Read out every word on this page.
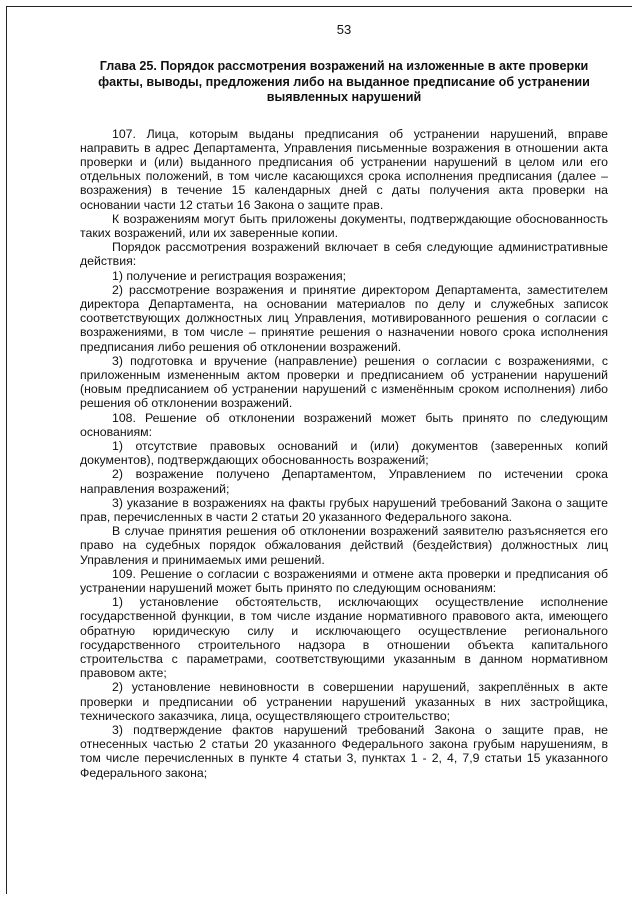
53
Глава 25. Порядок рассмотрения возражений на изложенные в акте проверки факты, выводы, предложения либо на выданное предписание об устранении выявленных нарушений

107. Лица, которым выданы предписания об устранении нарушений, вправе направить в адрес Департамента, Управления письменные возражения в отношении акта проверки и (или) выданного предписания об устранении нарушений в целом или его отдельных положений, в том числе касающихся срока исполнения предписания (далее – возражения) в течение 15 календарных дней с даты получения акта проверки на основании части 12 статьи 16 Закона о защите прав.

К возражениям могут быть приложены документы, подтверждающие обоснованность таких возражений, или их заверенные копии.

Порядок рассмотрения возражений включает в себя следующие административные действия:

1) получение и регистрация возражения;

2) рассмотрение возражения и принятие директором Департамента, заместителем директора Департамента, на основании материалов по делу и служебных записок соответствующих должностных лиц Управления, мотивированного решения о согласии с возражениями, в том числе – принятие решения о назначении нового срока исполнения предписания либо решения об отклонении возражений.

3) подготовка и вручение (направление) решения о согласии с возражениями, с приложенным измененным актом проверки и предписанием об устранении нарушений (новым предписанием об устранении нарушений с изменённым сроком исполнения) либо решения об отклонении возражений.

108. Решение об отклонении возражений может быть принято по следующим основаниям:

1) отсутствие правовых оснований и (или) документов (заверенных копий документов), подтверждающих обоснованность возражений;

2) возражение получено Департаментом, Управлением по истечении срока направления возражений;

3) указание в возражениях на факты грубых нарушений требований Закона о защите прав, перечисленных в части 2 статьи 20 указанного Федерального закона.

В случае принятия решения об отклонении возражений заявителю разъясняется его право на судебных порядок обжалования действий (бездействия) должностных лиц Управления и принимаемых ими решений.

109. Решение о согласии с возражениями и отмене акта проверки и предписания об устранении нарушений может быть принято по следующим основаниям:

1) установление обстоятельств, исключающих осуществление исполнение государственной функции, в том числе издание нормативного правового акта, имеющего обратную юридическую силу и исключающего осуществление регионального государственного строительного надзора в отношении объекта капитального строительства с параметрами, соответствующими указанным в данном нормативном правовом акте;

2) установление невиновности в совершении нарушений, закреплённых в акте проверки и предписании об устранении нарушений указанных в них застройщика, технического заказчика, лица, осуществляющего строительство;

3) подтверждение фактов нарушений требований Закона о защите прав, не отнесенных частью 2 статьи 20 указанного Федерального закона грубым нарушениям, в том числе перечисленных в пункте 4 статьи 3, пунктах 1 - 2, 4, 7,9 статьи 15 указанного Федерального закона;
